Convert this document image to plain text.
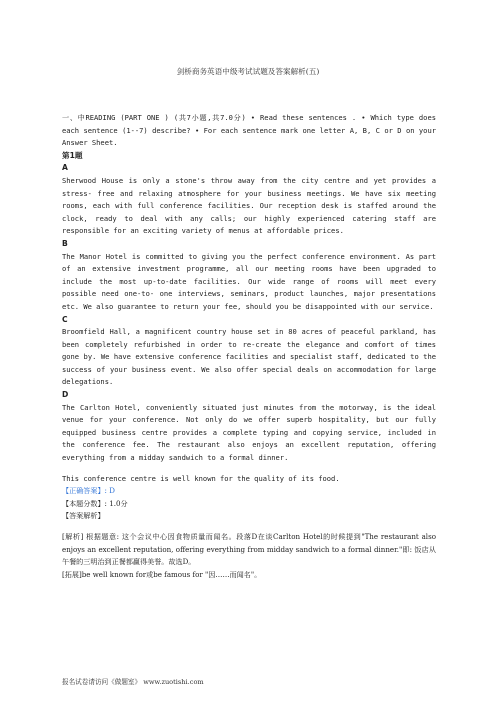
剑桥商务英语中级考试试题及答案解析(五)

一、中READING (PART ONE ) (共7小题,共7.0分) • Read these sentences . • Which type does each sentence (1--7) describe? • For each sentence mark one letter A, B, C or D on your Answer Sheet.

第1题

A

Sherwood House is only a stone's throw away from the city centre and yet provides a stress- free and relaxing atmosphere for your business meetings. We have six meeting rooms, each with full conference facilities. Our reception desk is staffed around the clock, ready to deal with any calls; our highly experienced catering staff are responsible for an exciting variety of menus at affordable prices.

B

The Manor Hotel is committed to giving you the perfect conference environment. As part of an extensive investment programme, all our meeting rooms have been upgraded to include the most up-to-date facilities. Our wide range of rooms will meet every possible need one-to- one interviews, seminars, product launches, major presentations etc. We also guarantee to return your fee, should you be disappointed with our service.

C

Broomfield Hall, a magnificent country house set in 80 acres of peaceful parkland, has been completely refurbished in order to re-create the elegance and comfort of times gone by. We have extensive conference facilities and specialist staff, dedicated to the success of your business event. We also offer special deals on accommodation for large delegations.

D

The Carlton Hotel, conveniently situated just minutes from the motorway, is the ideal venue for your conference. Not only do we offer superb hospitality, but our fully equipped business centre provides a complete typing and copying service, included in the conference fee. The restaurant also enjoys an excellent reputation, offering everything from a midday sandwich to a formal dinner.

This conference centre is well known for the quality of its food.

【正确答案】: D

【本题分数】: 1.0分

【答案解析】

[解析] 根据题意: 这个会议中心因食物质量而闻名。段落D在谈Carlton Hotel的时候提到"The restaurant also enjoys an excellent reputation, offering everything from midday sandwich to a formal dinner."即: 饭店从午餐的三明治到正餐都赢得美誉。故选D。

[拓展]be well known for或be famous for "因……而闻名"。

报名试卷请访问《做题室》 www.zuotishi.com
